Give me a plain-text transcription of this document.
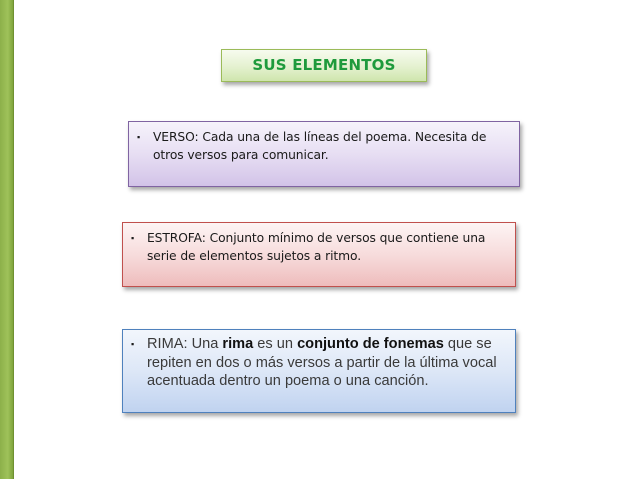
SUS ELEMENTOS
▪	VERSO: Cada una de las líneas del poema. Necesita de otros versos para comunicar.
▪	ESTROFA: Conjunto mínimo de versos que contiene una serie de elementos sujetos a ritmo.
▪ RIMA: Una rima es un conjunto de fonemas que se repiten en dos o más versos a partir de la última vocal acentuada dentro un poema o una canción.
